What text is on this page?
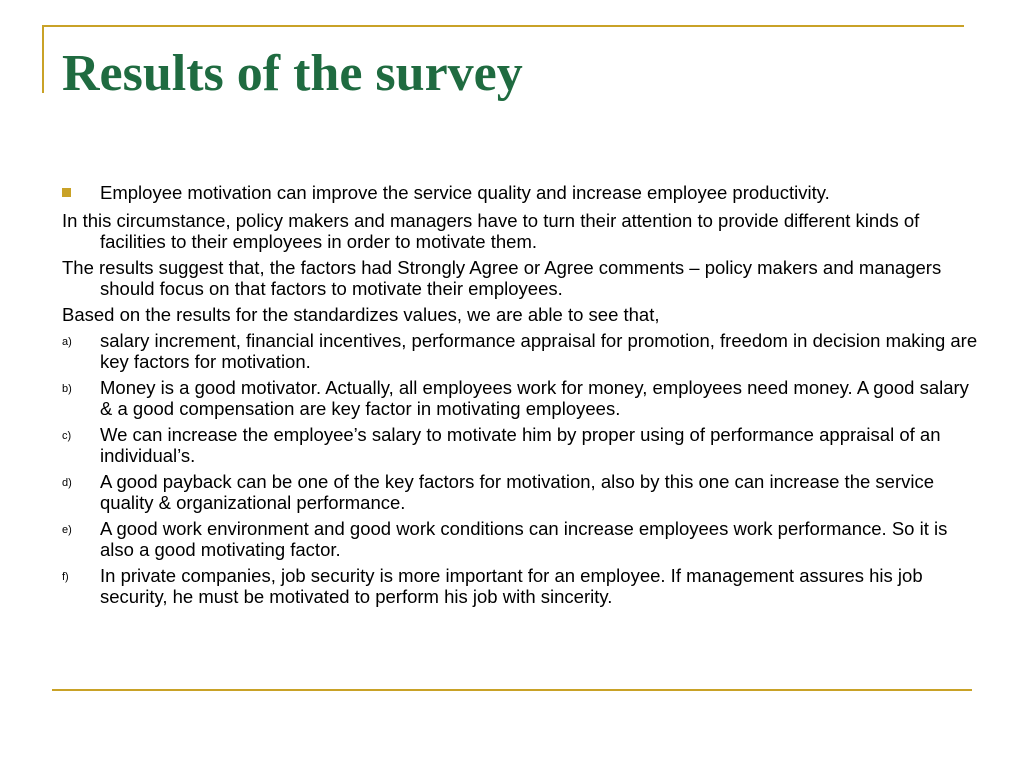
Results of the survey
Employee motivation can improve the service quality and increase employee productivity.

In this circumstance, policy makers and managers have to turn their attention to provide different kinds of facilities to their employees in order to motivate them.

The results suggest that, the factors had Strongly Agree or Agree comments – policy makers and managers should focus on that factors to motivate their employees.

Based on the results for the standardizes values, we are able to see that,

a)	salary increment, financial incentives, performance appraisal for promotion, freedom in decision making are key factors for motivation.
b)	Money is a good motivator. Actually, all employees work for money, employees need money. A good salary & a good compensation are key factor in motivating employees.
c)	We can increase the employee’s salary to motivate him by proper using of performance appraisal of an individual’s.
d)	A good payback can be one of the key factors for motivation, also by this one can increase the service quality & organizational performance.
e)	A good work environment and good work conditions can increase employees work performance. So it is also a good motivating factor.
f)	In private companies, job security is more important for an employee. If management assures his job security, he must be motivated to perform his job with sincerity.
